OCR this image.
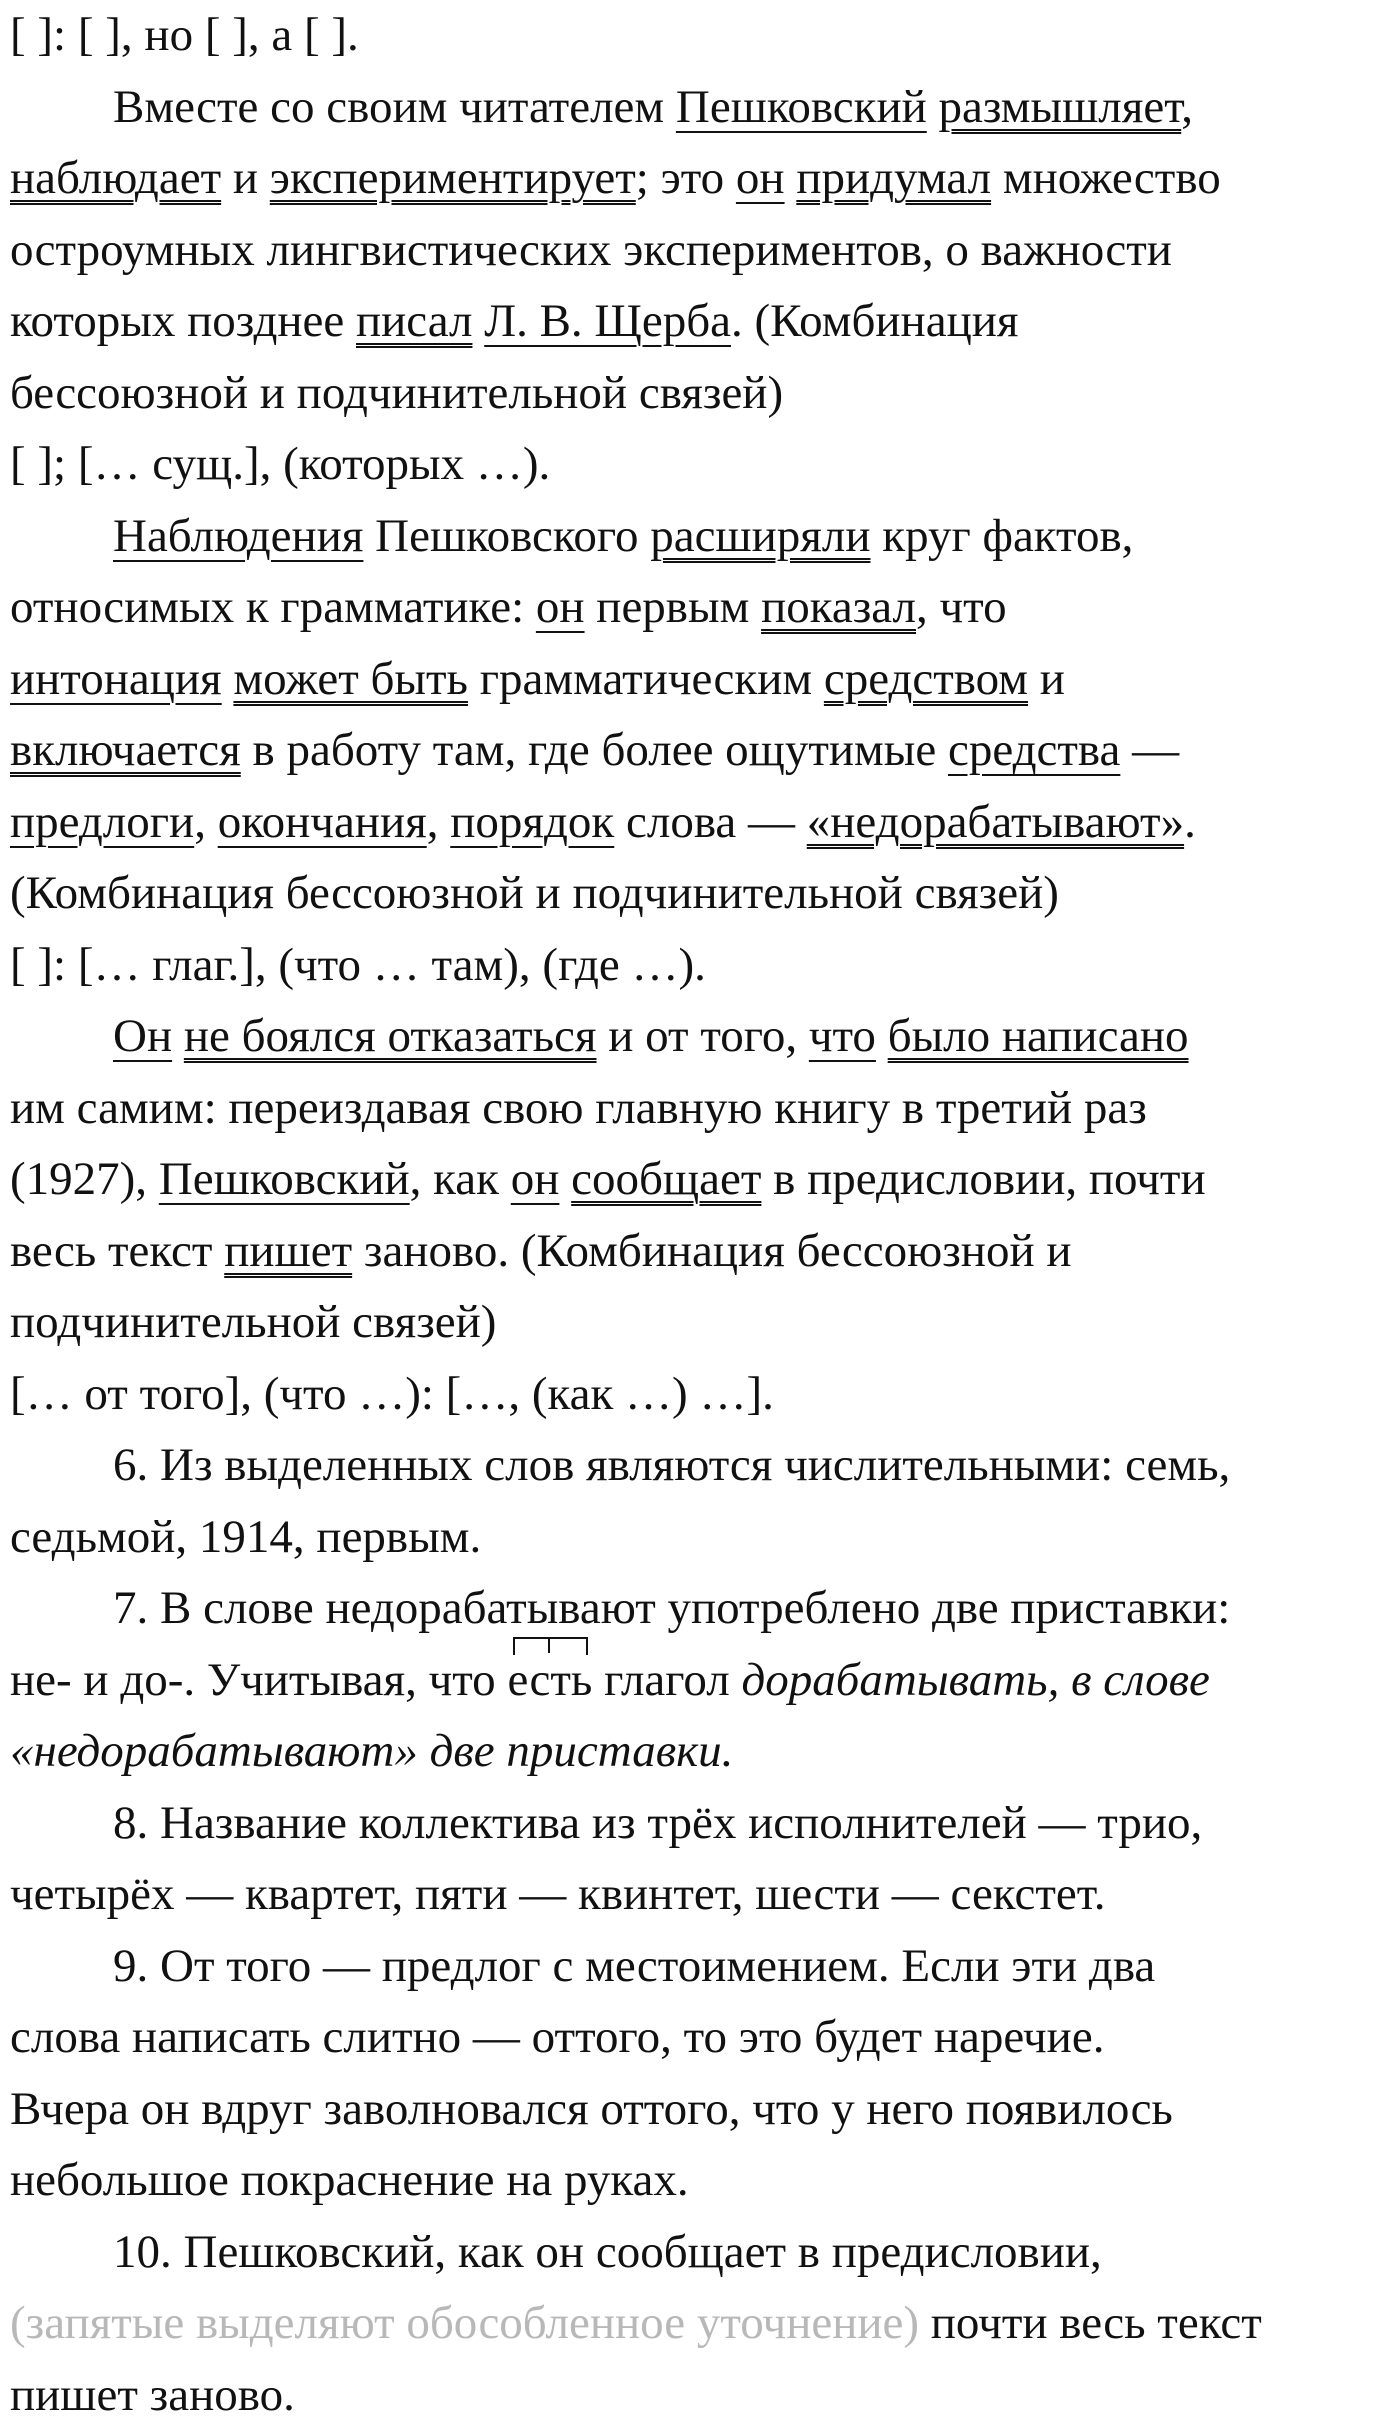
[ ]: [ ], но [ ], а [ ].

Вместе со своим читателем Пешковский размышляет,

наблюдает и экспериментирует; это он придумал множество

остроумных лингвистических экспериментов, о важности

которых позднее писал Л. В. Щерба. (Комбинация

бессоюзной и подчинительной связей)

[ ]; [… сущ.], (которых …).

Наблюдения Пешковского расширяли круг фактов,

относимых к грамматике: он первым показал, что

интонация может быть грамматическим средством и

включается в работу там, где более ощутимые средства —

предлоги, окончания, порядок слова — «недорабатывают».

(Комбинация бессоюзной и подчинительной связей)

[ ]: [… глаг.], (что … там), (где …).

Он не боялся отказаться и от того, что было написано

им самим: переиздавая свою главную книгу в третий раз

(1927), Пешковский, как он сообщает в предисловии, почти

весь текст пишет заново. (Комбинация бессоюзной и

подчинительной связей)

[… от того], (что …): […, (как …) …].

6. Из выделенных слов являются числительными: семь,

седьмой, 1914, первым.

7. В слове недорабатывают употреблено две приставки:

не- и до-. Учитывая, что
есть глагол дорабатывать, в слове

«недорабатывают» две приставки.

8. Название коллектива из трёх исполнителей — трио,

четырёх — квартет, пяти — квинтет, шести — секстет.

9. От того — предлог с местоимением. Если эти два

слова написать слитно — оттого, то это будет наречие.

Вчера он вдруг заволновался оттого, что у него появилось

небольшое покраснение на руках.

10. Пешковский, как он сообщает в предисловии,

(запятые выделяют обособленное уточнение) почти весь текст

пишет заново.
